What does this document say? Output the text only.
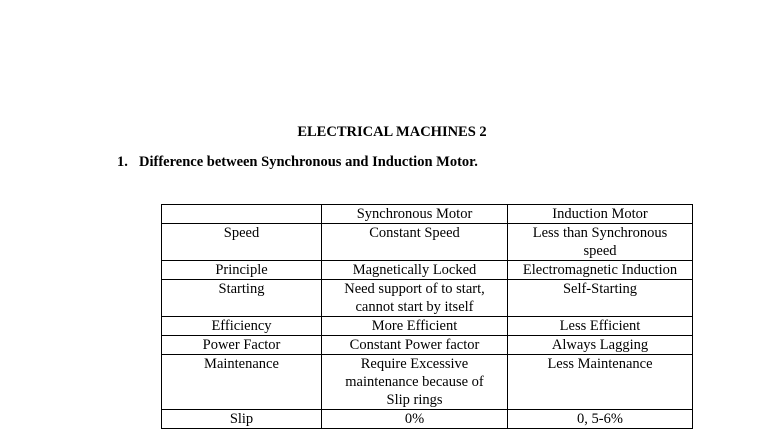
ELECTRICAL MACHINES 2
1. Difference between Synchronous and Induction Motor.
	Synchronous Motor	Induction Motor
Speed	Constant Speed	Less than Synchronous speed
Principle	Magnetically Locked	Electromagnetic Induction
Starting	Need support of to start, cannot start by itself	Self-Starting
Efficiency	More Efficient	Less Efficient
Power Factor	Constant Power factor	Always Lagging
Maintenance	Require Excessive maintenance because of Slip rings	Less Maintenance
Slip	0%	0, 5-6%
